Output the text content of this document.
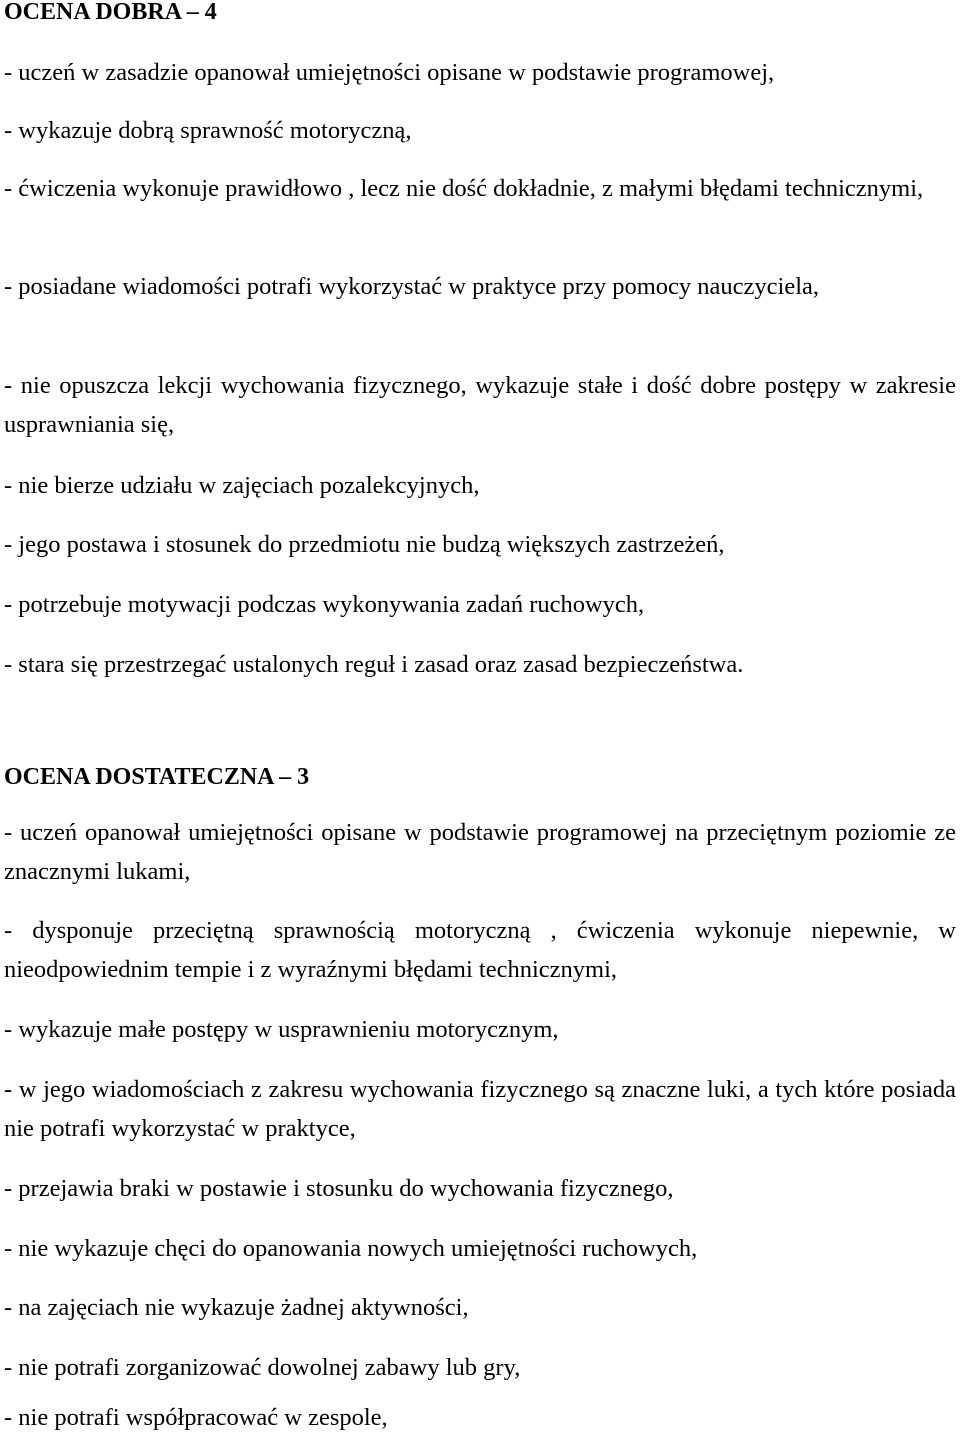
OCENA DOBRA – 4

- uczeń w zasadzie opanował umiejętności opisane w podstawie programowej,

- wykazuje dobrą sprawność motoryczną,

- ćwiczenia wykonuje prawidłowo , lecz nie dość dokładnie, z małymi błędami technicznymi,

- posiadane wiadomości potrafi wykorzystać w praktyce przy pomocy nauczyciela,

- nie opuszcza lekcji wychowania fizycznego, wykazuje stałe i dość dobre postępy w zakresie usprawniania się,

- nie bierze udziału w zajęciach pozalekcyjnych,

- jego postawa i stosunek do przedmiotu nie budzą większych zastrzeżeń,

- potrzebuje motywacji podczas wykonywania zadań ruchowych,

- stara się przestrzegać ustalonych reguł i zasad oraz zasad bezpieczeństwa.

OCENA DOSTATECZNA – 3

- uczeń opanował umiejętności opisane w podstawie programowej na przeciętnym poziomie ze znacznymi lukami,

- dysponuje przeciętną sprawnością motoryczną , ćwiczenia wykonuje niepewnie, w nieodpowiednim tempie i z wyraźnymi błędami technicznymi,

- wykazuje małe postępy w usprawnieniu motorycznym,

- w jego wiadomościach z zakresu wychowania fizycznego są znaczne luki, a tych które posiada nie potrafi wykorzystać w praktyce,

- przejawia braki w postawie i stosunku do wychowania fizycznego,

- nie wykazuje chęci do opanowania nowych umiejętności ruchowych,

- na zajęciach nie wykazuje żadnej aktywności,

- nie potrafi zorganizować dowolnej zabawy lub gry,

- nie potrafi współpracować w zespole,
